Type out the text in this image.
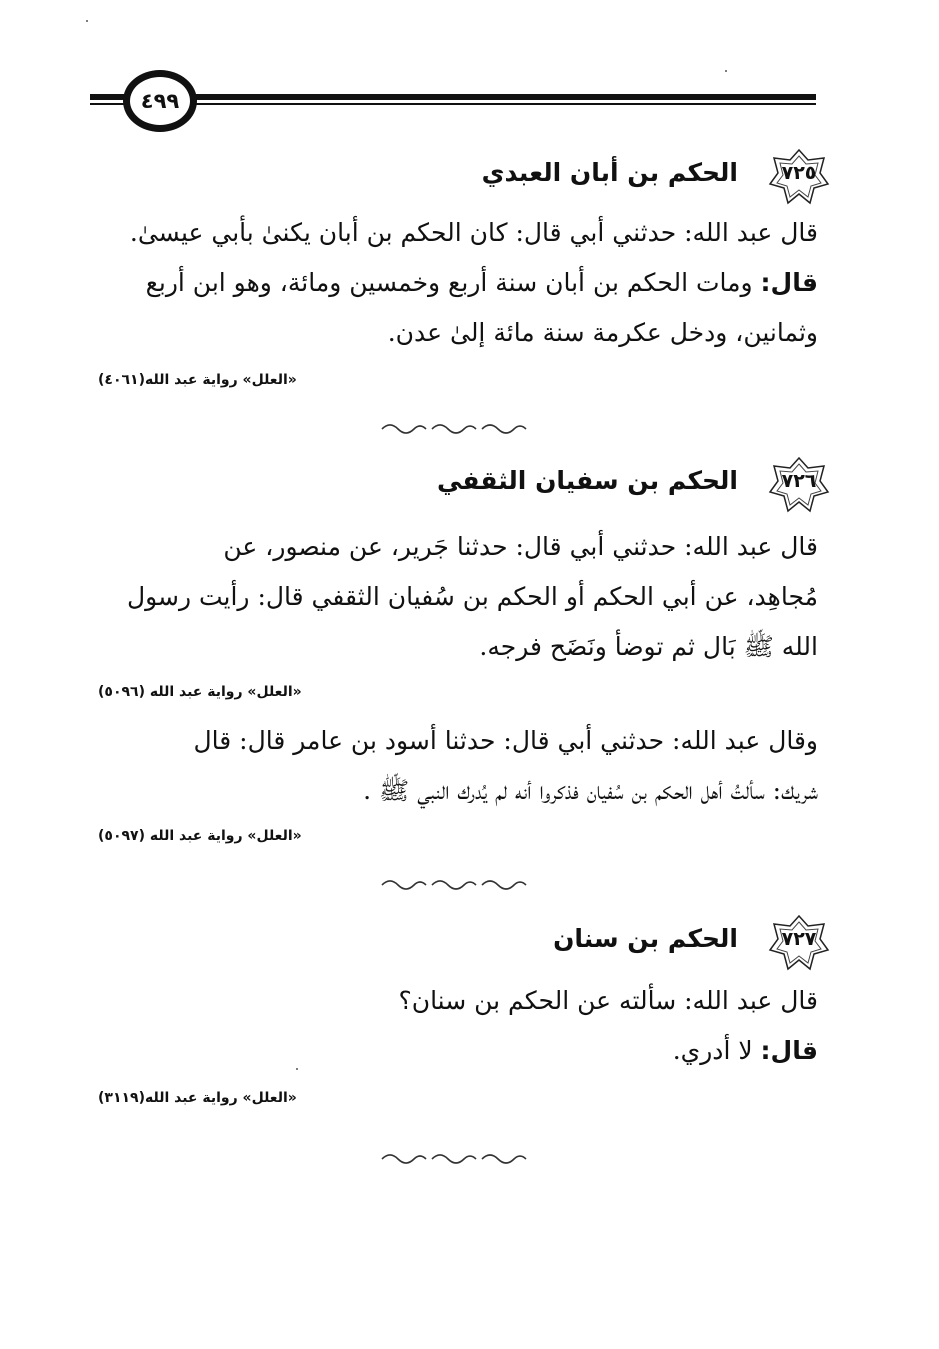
٤٩٩
٧٢٥
الحكم بن أبان العبدي
قال عبد الله: حدثني أبي قال: كان الحكم بن أبان يكنىٰ بأبي عيسىٰ.
قال: ومات الحكم بن أبان سنة أربع وخمسين ومائة، وهو ابن أربع
وثمانين، ودخل عكرمة سنة مائة إلىٰ عدن.
«العلل» رواية عبد الله(٤٠٦١)
٧٢٦
الحكم بن سفيان الثقفي
قال عبد الله: حدثني أبي قال: حدثنا جَرير، عن منصور، عن
مُجاهِد، عن أبي الحكم أو الحكم بن سُفيان الثقفي قال: رأيت رسول
الله ﷺ بَال ثم توضأ ونَضَح فرجه.
«العلل» رواية عبد الله (٥٠٩٦)
وقال عبد الله: حدثني أبي قال: حدثنا أسود بن عامر قال: قال
شريك: سألتُ أهل الحكم بن سُفيان فذكروا أنه لم يُدرك النبي ﷺ .
«العلل» رواية عبد الله (٥٠٩٧)
٧٢٧
الحكم بن سنان
قال عبد الله: سألته عن الحكم بن سنان؟
قال: لا أدري.
«العلل» رواية عبد الله(٣١١٩)
